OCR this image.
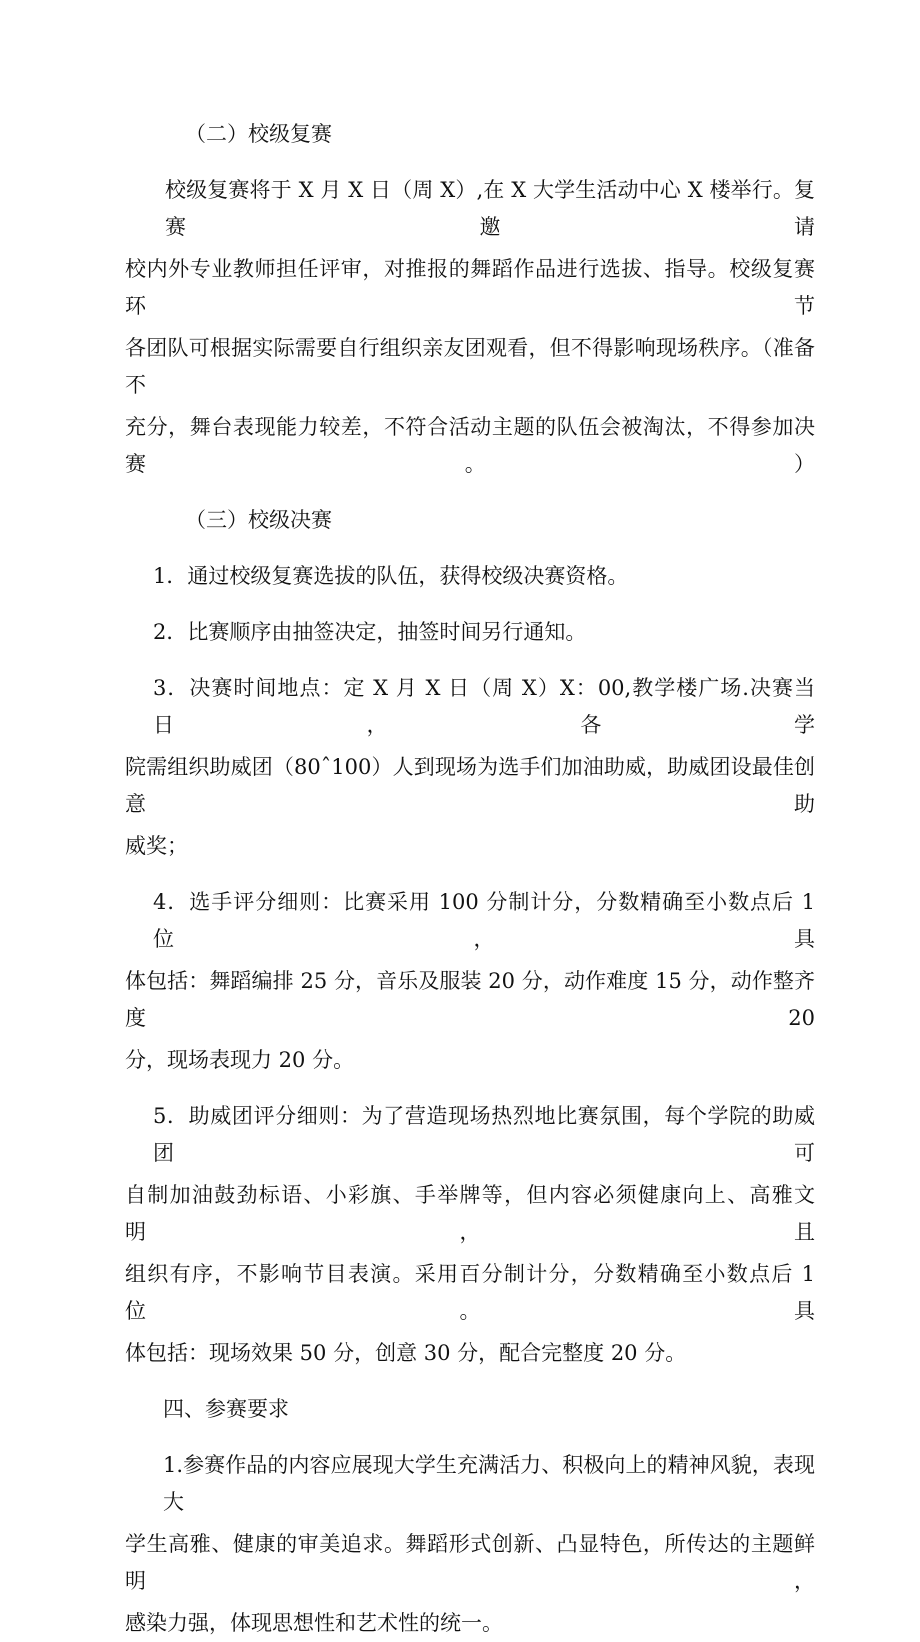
（二）校级复赛

校级复赛将于 X 月 X 日（周 X）,在 X 大学生活动中心 X 楼举行。复赛邀请

校内外专业教师担任评审，对推报的舞蹈作品进行选拔、指导。校级复赛环节

各团队可根据实际需要自行组织亲友团观看，但不得影响现场秩序。（准备不

充分，舞台表现能力较差，不符合活动主题的队伍会被淘汰，不得参加决赛。）

（三）校级决赛

1．通过校级复赛选拔的队伍，获得校级决赛资格。

2．比赛顺序由抽签决定，抽签时间另行通知。

3．决赛时间地点：定 X 月 X 日（周 X）X：00,教学楼广场.决赛当日，各学

院需组织助威团（80ˆ100）人到现场为选手们加油助威，助威团设最佳创意助

威奖；

4．选手评分细则：比赛采用 100 分制计分，分数精确至小数点后 1 位，具

体包括：舞蹈编排 25 分，音乐及服装 20 分，动作难度 15 分，动作整齐度 20

分，现场表现力 20 分。

5．助威团评分细则：为了营造现场热烈地比赛氛围，每个学院的助威团可

自制加油鼓劲标语、小彩旗、手举牌等，但内容必须健康向上、高雅文明，且

组织有序，不影响节目表演。采用百分制计分，分数精确至小数点后 1 位。具

体包括：现场效果 50 分，创意 30 分，配合完整度 20 分。

四、参赛要求

1.参赛作品的内容应展现大学生充满活力、积极向上的精神风貌，表现大

学生高雅、健康的审美追求。舞蹈形式创新、凸显特色，所传达的主题鲜明，

感染力强，体现思想性和艺术性的统一。
